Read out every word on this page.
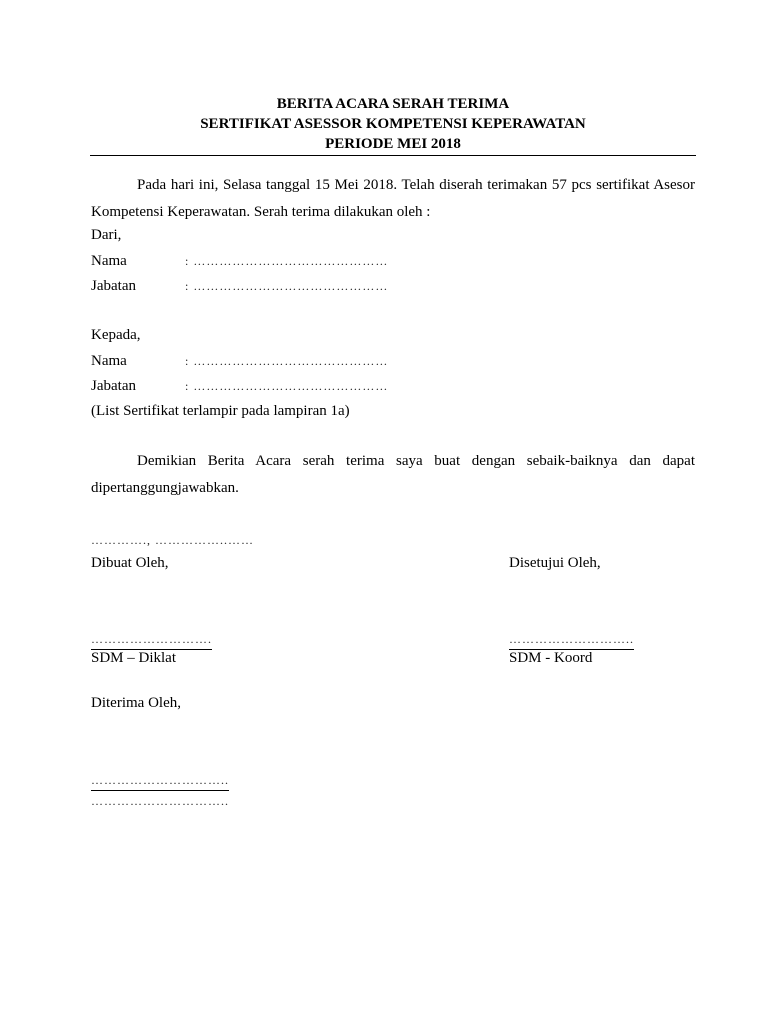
BERITA ACARA SERAH TERIMA
SERTIFIKAT ASESSOR KOMPETENSI KEPERAWATAN
PERIODE MEI 2018
Pada hari ini, Selasa tanggal 15 Mei 2018. Telah diserah terimakan 57 pcs sertifikat Asesor Kompetensi Keperawatan. Serah terima dilakukan oleh :
Dari,
Nama	: ………………………………………
Jabatan	: ………………………………………
Kepada,
Nama	: ………………………………………
Jabatan	: ………………………………………
(List Sertifikat terlampir pada lampiran 1a)
Demikian Berita Acara serah terima saya buat dengan sebaik-baiknya dan dapat dipertanggungjawabkan.
…………., ……………..……
Dibuat Oleh,	Disetujui Oleh,
……………………….	………………………..
SDM – Diklat	SDM - Koord
Diterima Oleh,
…………………………..
…………………………..
